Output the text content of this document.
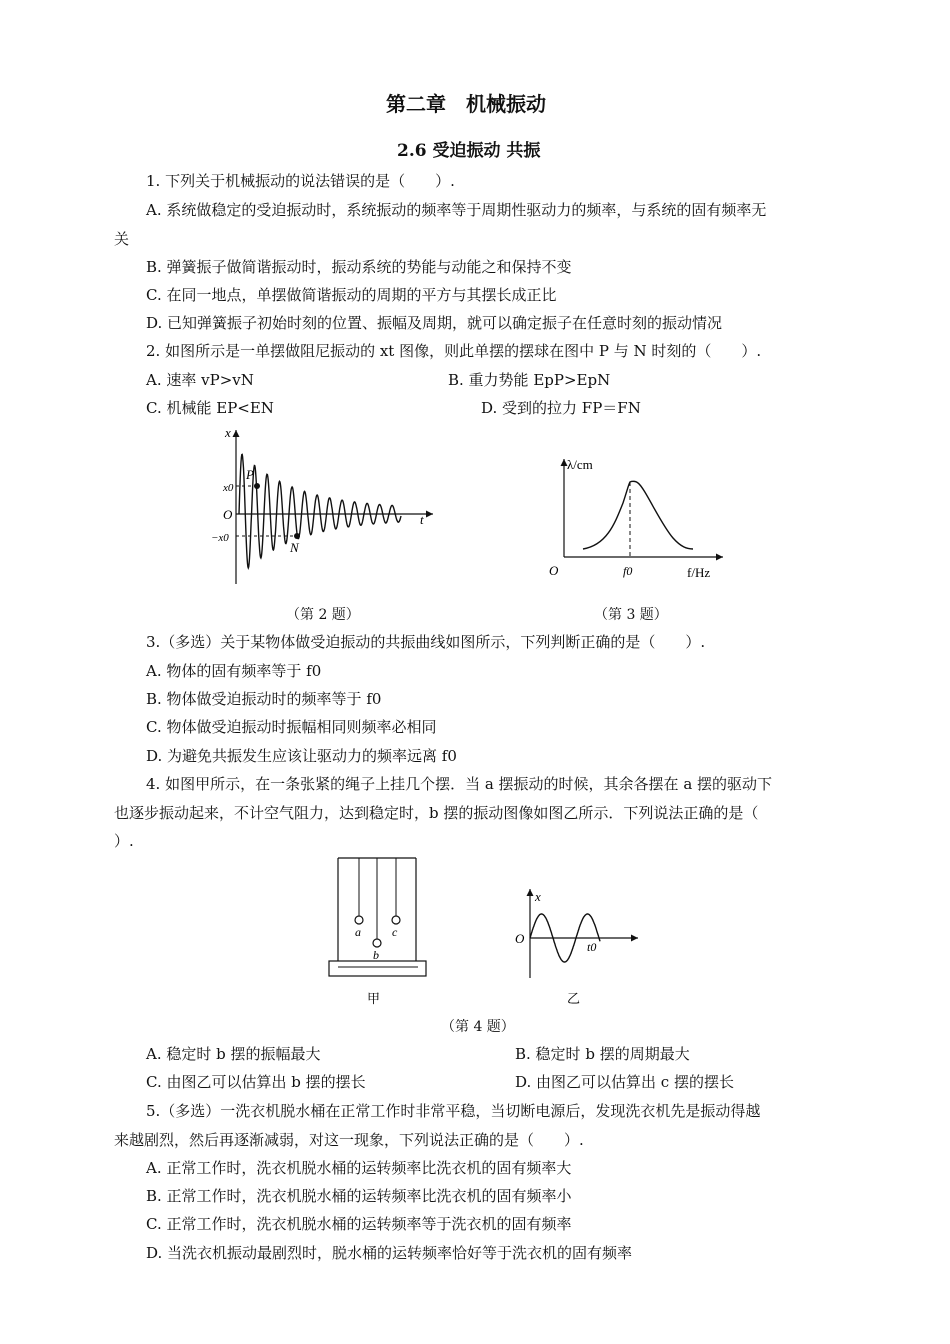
第二章　机械振动
2.6 受迫振动 共振
1. 下列关于机械振动的说法错误的是（　　）.
A. 系统做稳定的受迫振动时，系统振动的频率等于周期性驱动力的频率，与系统的固有频率无
关
B. 弹簧振子做简谐振动时，振动系统的势能与动能之和保持不变
C. 在同一地点，单摆做简谐振动的周期的平方与其摆长成正比
D. 已知弹簧振子初始时刻的位置、振幅及周期，就可以确定振子在任意时刻的振动情况
2. 如图所示是一单摆做阻尼振动的 xt 图像，则此单摆的摆球在图中 P 与 N 时刻的（　　）.
A. 速率 vP>vN	B. 重力势能 EpP>EpN
C. 机械能 EP<EN	D. 受到的拉力 FP＝FN
x
x0
O
−x0
t
P
N
（第 2 题）
λ/cm
O	f0	f/Hz
（第 3 题）
3.（多选）关于某物体做受迫振动的共振曲线如图所示，下列判断正确的是（　　）.
A. 物体的固有频率等于 f0
B. 物体做受迫振动时的频率等于 f0
C. 物体做受迫振动时振幅相同则频率必相同
D. 为避免共振发生应该让驱动力的频率远离 f0
4. 如图甲所示，在一条张紧的绳子上挂几个摆．当 a 摆振动的时候，其余各摆在 a 摆的驱动下
也逐步振动起来，不计空气阻力，达到稳定时，b 摆的振动图像如图乙所示．下列说法正确的是（
）.
a
b
c
甲
x
O
t0
乙
（第 4 题）
A. 稳定时 b 摆的振幅最大	B. 稳定时 b 摆的周期最大
C. 由图乙可以估算出 b 摆的摆长	D. 由图乙可以估算出 c 摆的摆长
5.（多选）一洗衣机脱水桶在正常工作时非常平稳，当切断电源后，发现洗衣机先是振动得越
来越剧烈，然后再逐渐减弱，对这一现象，下列说法正确的是（　　）.
A. 正常工作时，洗衣机脱水桶的运转频率比洗衣机的固有频率大
B. 正常工作时，洗衣机脱水桶的运转频率比洗衣机的固有频率小
C. 正常工作时，洗衣机脱水桶的运转频率等于洗衣机的固有频率
D. 当洗衣机振动最剧烈时，脱水桶的运转频率恰好等于洗衣机的固有频率
